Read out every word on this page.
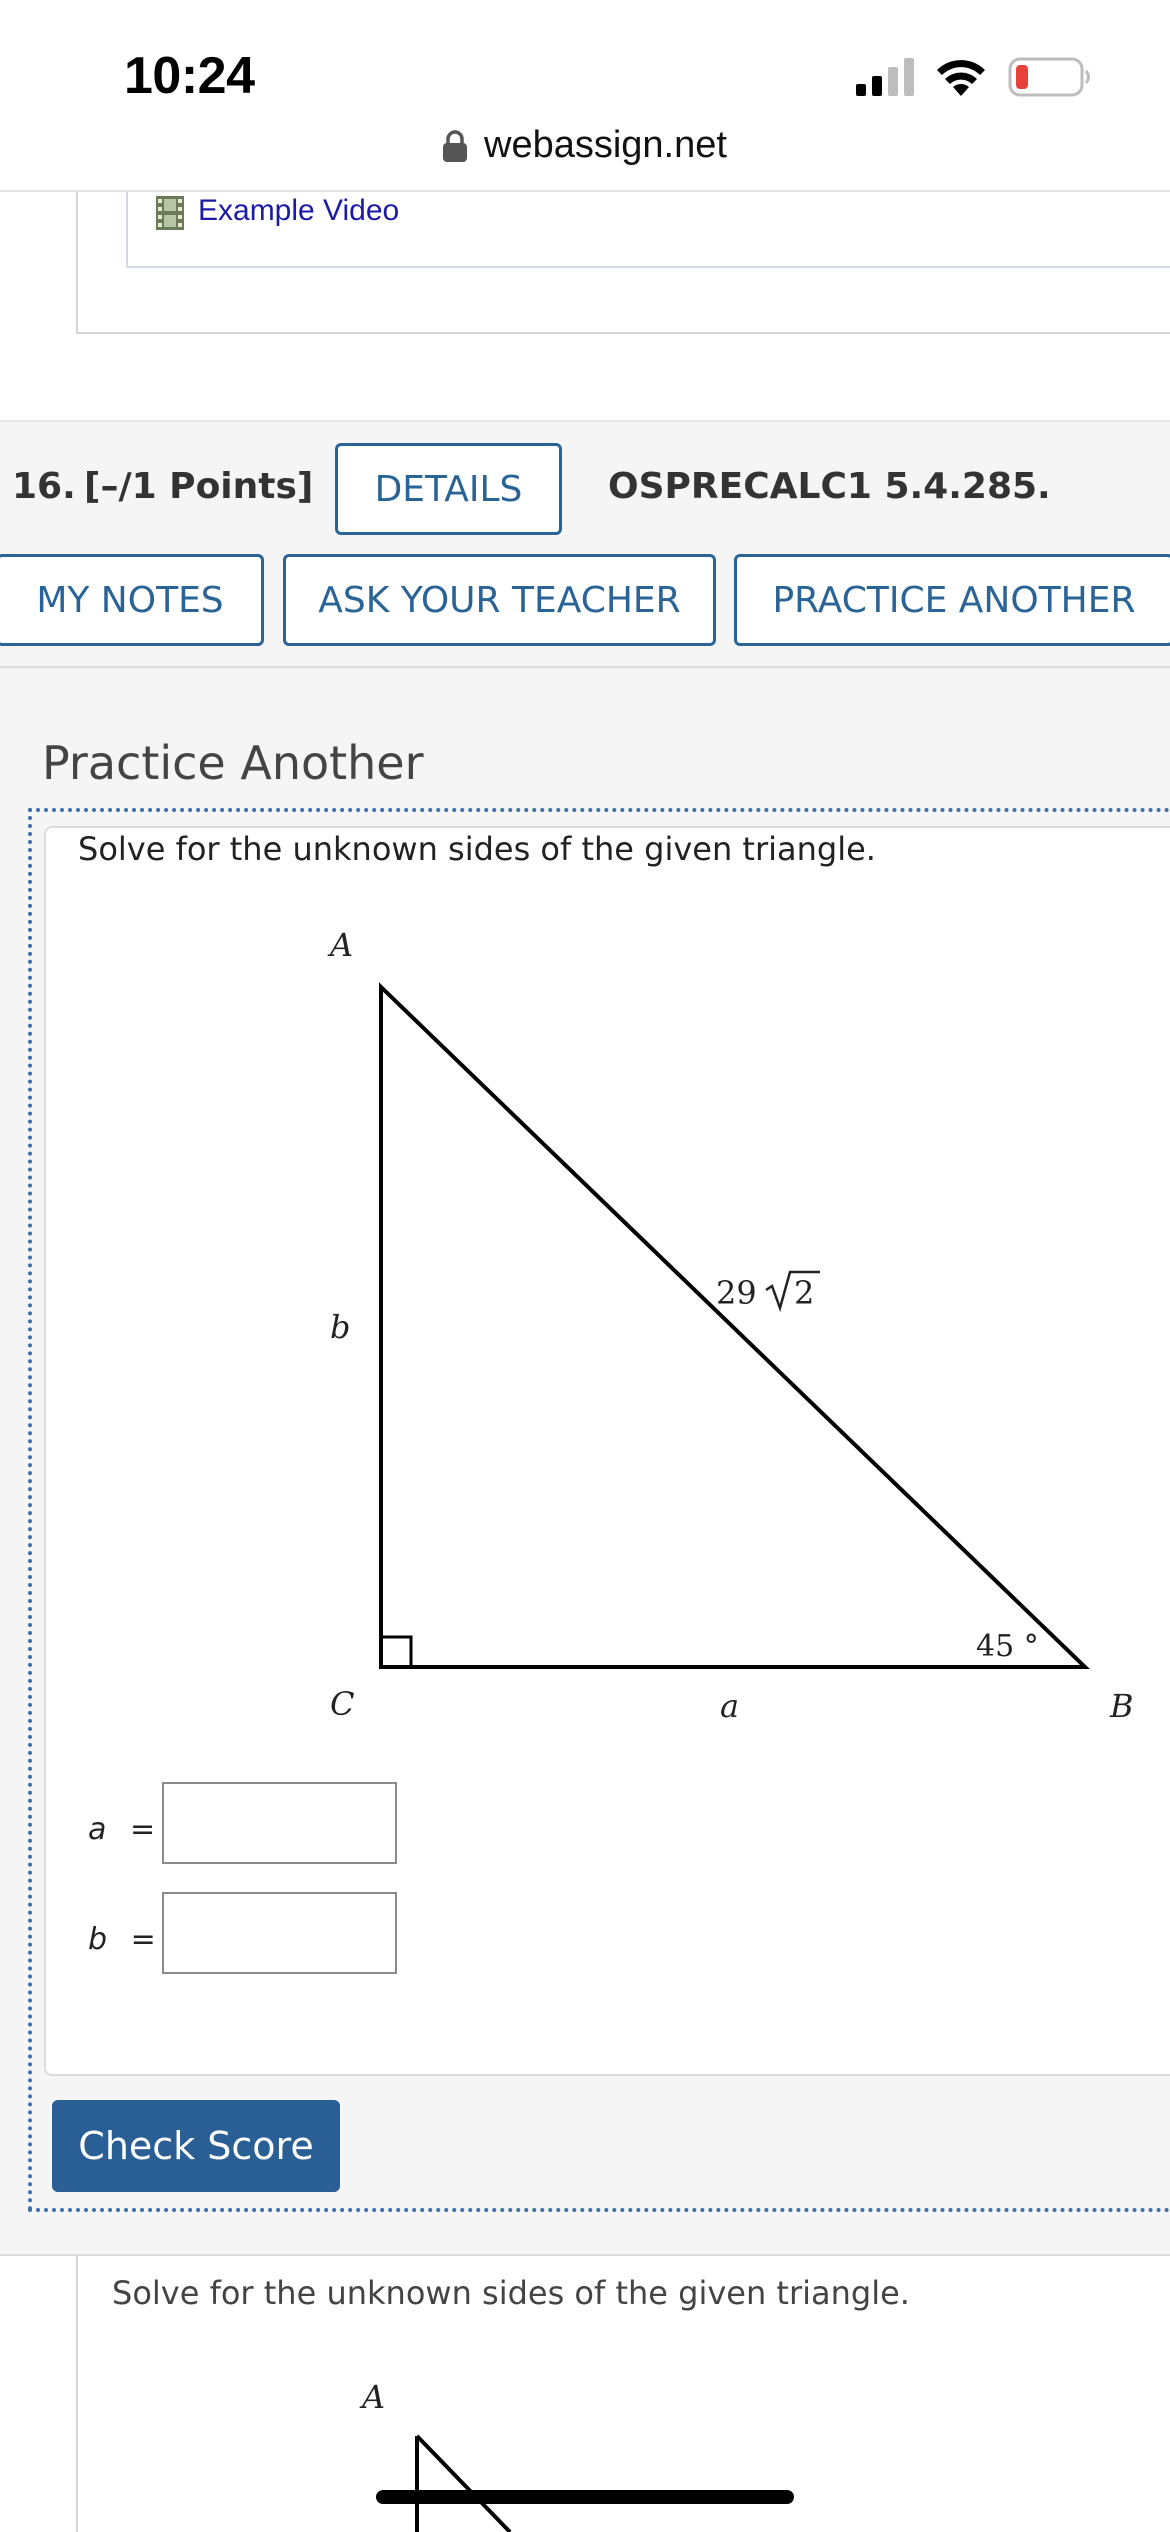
10:24
webassign.net
Example Video
16. [–/1 Points]	DETAILS	OSPRECALC1 5.4.285.
MY NOTES	ASK YOUR TEACHER	PRACTICE ANOTHER
Practice Another
Solve for the unknown sides of the given triangle.
A
b
C	a	B
45 °
29 2
a =
b =
Check Score
Solve for the unknown sides of the given triangle.
A
